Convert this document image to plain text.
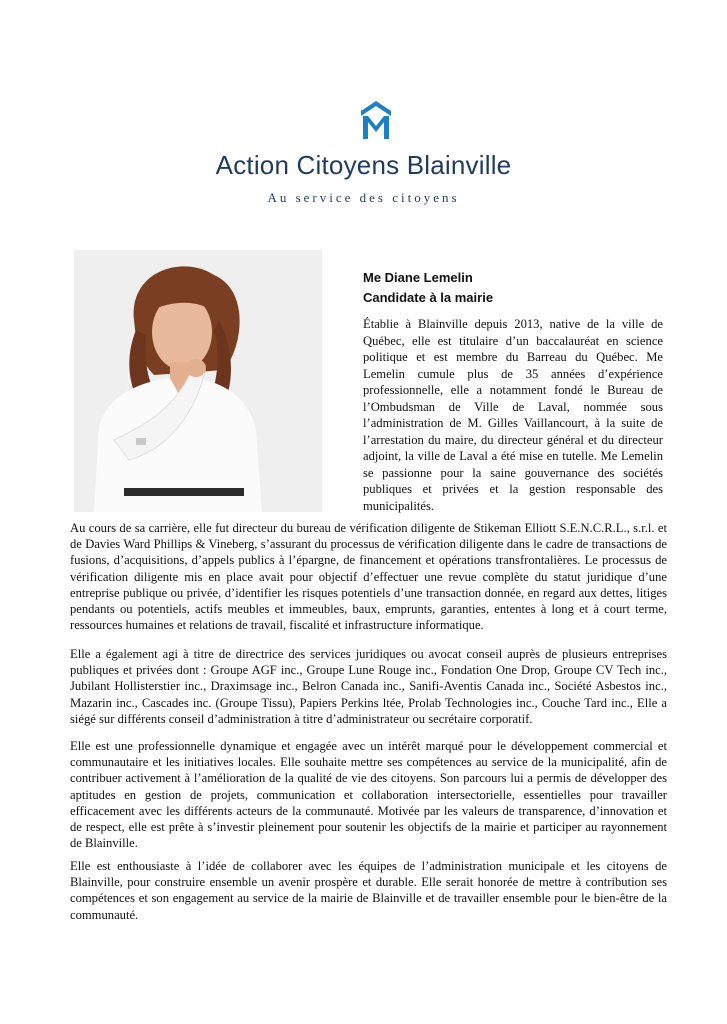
Action Citoyens Blainville
Au service des citoyens
Me Diane Lemelin
Candidate à la mairie

Établie à Blainville depuis 2013, native de la ville de Québec, elle est titulaire d’un baccalauréat en science politique et est membre du Barreau du Québec. Me Lemelin cumule plus de 35 années d’expérience professionnelle, elle a notamment fondé le Bureau de l’Ombudsman de Ville de Laval, nommée sous l’administration de M. Gilles Vaillancourt, à la suite de l’arrestation du maire, du directeur général et du directeur adjoint, la ville de Laval a été mise en tutelle. Me Lemelin se passionne pour la saine gouvernance des sociétés publiques et privées et la gestion responsable des municipalités.

Au cours de sa carrière, elle fut directeur du bureau de vérification diligente de Stikeman Elliott S.E.N.C.R.L., s.r.l. et de Davies Ward Phillips & Vineberg, s’assurant du processus de vérification diligente dans le cadre de transactions de fusions, d’acquisitions, d’appels publics à l’épargne, de financement et opérations transfrontalières. Le processus de vérification diligente mis en place avait pour objectif d’effectuer une revue complète du statut juridique d’une entreprise publique ou privée, d’identifier les risques potentiels d’une transaction donnée, en regard aux dettes, litiges pendants ou potentiels, actifs meubles et immeubles, baux, emprunts, garanties, ententes à long et à court terme, ressources humaines et relations de travail, fiscalité et infrastructure informatique.

Elle a également agi à titre de directrice des services juridiques ou avocat conseil auprès de plusieurs entreprises publiques et privées dont : Groupe AGF inc., Groupe Lune Rouge inc., Fondation One Drop, Groupe CV Tech inc., Jubilant Hollisterstier inc., Draximsage inc., Belron Canada inc., Sanifi-Aventis Canada inc., Société Asbestos inc., Mazarin inc., Cascades inc. (Groupe Tissu), Papiers Perkins ltée, Prolab Technologies inc., Couche Tard inc., Elle a siégé sur différents conseil d’administration à titre d’administrateur ou secrétaire corporatif.

Elle est une professionnelle dynamique et engagée avec un intérêt marqué pour le développement commercial et communautaire et les initiatives locales. Elle souhaite mettre ses compétences au service de la municipalité, afin de contribuer activement à l’amélioration de la qualité de vie des citoyens. Son parcours lui a permis de développer des aptitudes en gestion de projets, communication et collaboration intersectorielle, essentielles pour travailler efficacement avec les différents acteurs de la communauté. Motivée par les valeurs de transparence, d’innovation et de respect, elle est prête à s’investir pleinement pour soutenir les objectifs de la mairie et participer au rayonnement de Blainville.

Elle est enthousiaste à l’idée de collaborer avec les équipes de l’administration municipale et les citoyens de Blainville, pour construire ensemble un avenir prospère et durable. Elle serait honorée de mettre à contribution ses compétences et son engagement au service de la mairie de Blainville et de travailler ensemble pour le bien-être de la communauté.
